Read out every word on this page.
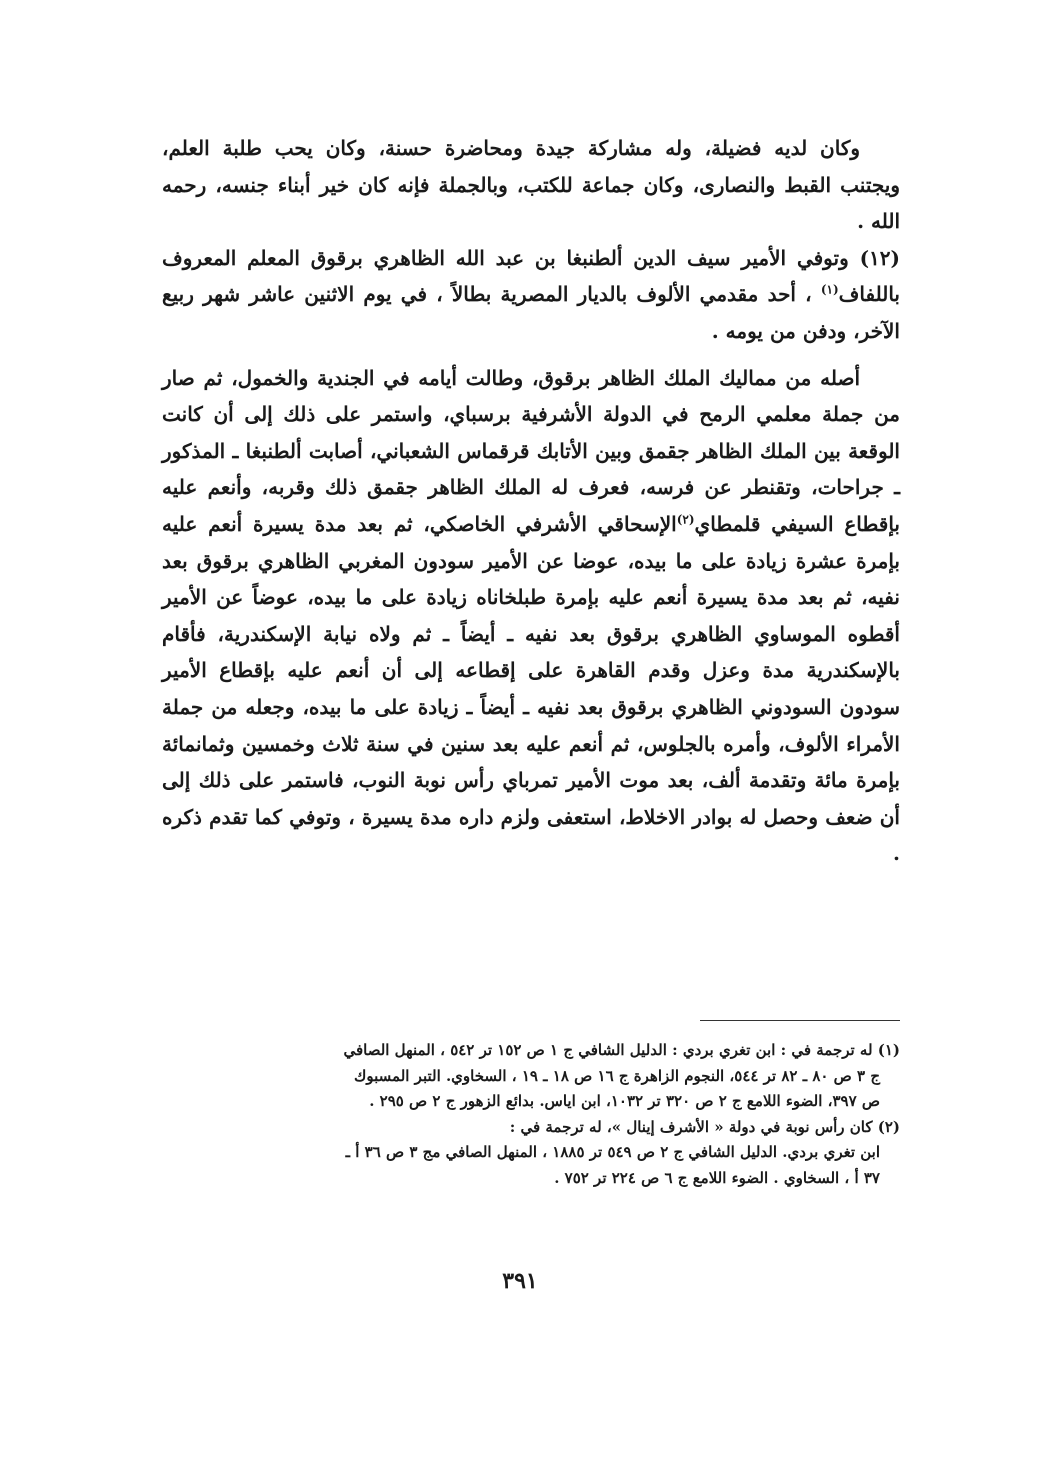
وكان لديه فضيلة، وله مشاركة جيدة ومحاضرة حسنة، وكان يحب طلبة العلم، ويجتنب القبط والنصارى، وكان جماعة للكتب، وبالجملة فإنه كان خير أبناء جنسه، رحمه الله .

(١٢) وتوفي الأمير سيف الدين ألطنبغا بن عبد الله الظاهري برقوق المعلم المعروف باللفاف$^{(١)}$ ، أحد مقدمي الألوف بالديار المصرية بطالاً ، في يوم الاثنين عاشر شهر ربيع الآخر، ودفن من يومه .

أصله من مماليك الملك الظاهر برقوق، وطالت أيامه في الجندية والخمول، ثم صار من جملة معلمي الرمح في الدولة الأشرفية برسباي، واستمر على ذلك إلى أن كانت الوقعة بين الملك الظاهر جقمق وبين الأتابك قرقماس الشعباني، أصابت ألطنبغا ـ المذكور ـ جراحات، وتقنطر عن فرسه، فعرف له الملك الظاهر جقمق ذلك وقربه، وأنعم عليه بإقطاع السيفي قلمطاي$^{(٢)}$الإسحاقي الأشرفي الخاصكي، ثم بعد مدة يسيرة أنعم عليه بإمرة عشرة زيادة على ما بيده، عوضا عن الأمير سودون المغربي الظاهري برقوق بعد نفيه، ثم بعد مدة يسيرة أنعم عليه بإمرة طبلخاناه زيادة على ما بيده، عوضاً عن الأمير أقطوه الموساوي الظاهري برقوق بعد نفيه ـ أيضاً ـ ثم ولاه نيابة الإسكندرية، فأقام بالإسكندرية مدة وعزل وقدم القاهرة على إقطاعه إلى أن أنعم عليه بإقطاع الأمير سودون السودوني الظاهري برقوق بعد نفيه ـ أيضاً ـ زيادة على ما بيده، وجعله من جملة الأمراء الألوف، وأمره بالجلوس، ثم أنعم عليه بعد سنين في سنة ثلاث وخمسين وثمانمائة بإمرة مائة وتقدمة ألف، بعد موت الأمير تمرباي رأس نوبة النوب، فاستمر على ذلك إلى أن ضعف وحصل له بوادر الاخلاط، استعفى ولزم داره مدة يسيرة ، وتوفي كما تقدم ذكره .

(١) له ترجمة في : ابن تغري بردي : الدليل الشافي ج ١ ص ١٥٢ تر ٥٤٢ ، المنهل الصافي

ج ٣ ص ٨٠ ـ ٨٢ تر ٥٤٤، النجوم الزاهرة ج ١٦ ص ١٨ ـ ١٩ ، السخاوي. التبر المسبوك

ص ٣٩٧، الضوء اللامع ج ٢ ص ٣٢٠ تر ١٠٣٢، ابن اياس. بدائع الزهور ج ٢ ص ٢٩٥ .

(٢) كان رأس نوبة في دولة « الأشرف إينال »، له ترجمة في :

ابن تغري بردي. الدليل الشافي ج ٢ ص ٥٤٩ تر ١٨٨٥ ، المنهل الصافي مج ٣ ص ٣٦ أ ـ

٣٧ أ ، السخاوي . الضوء اللامع ج ٦ ص ٢٢٤ تر ٧٥٢ .

٣٩١
